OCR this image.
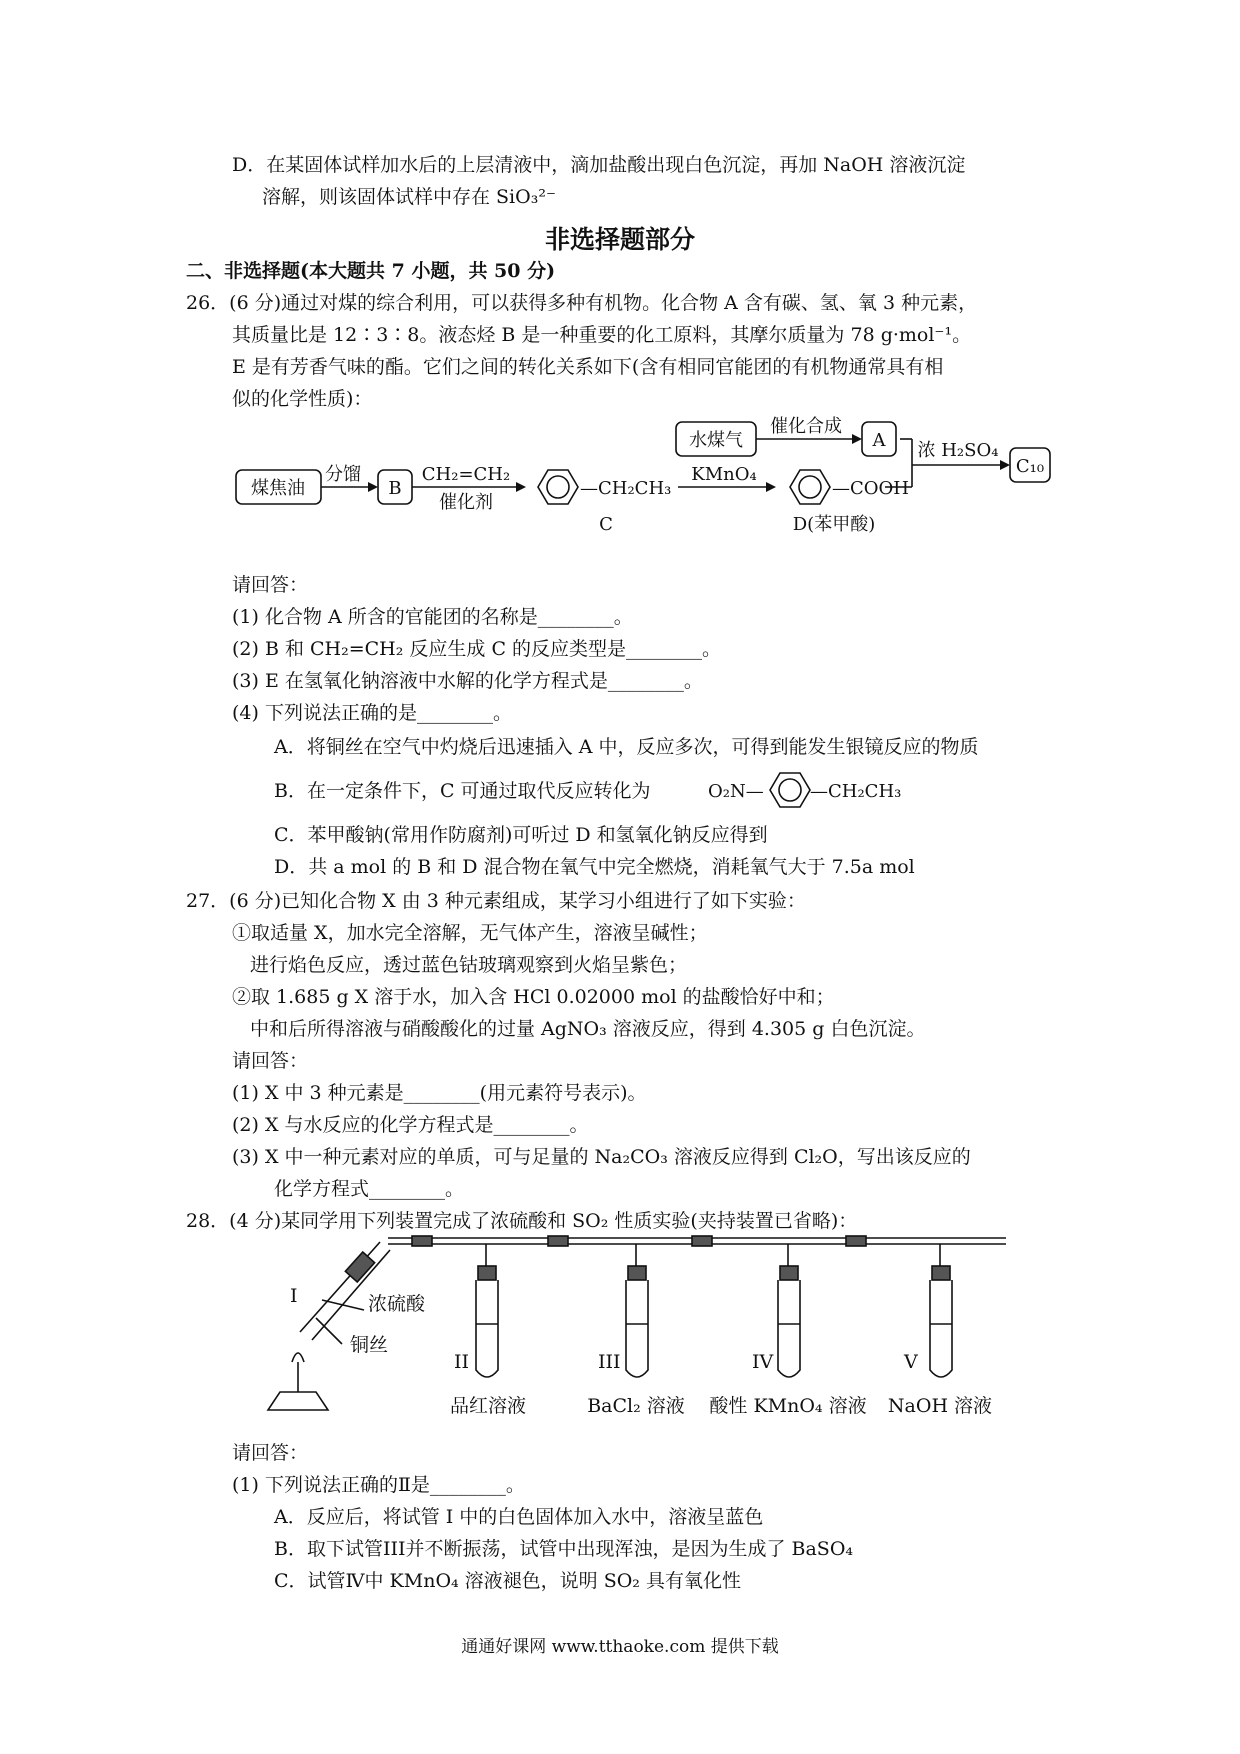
D．在某固体试样加水后的上层清液中，滴加盐酸出现白色沉淀，再加 NaOH 溶液沉淀
溶解，则该固体试样中存在 SiO₃²⁻
非选择题部分
二、非选择题(本大题共 7 小题，共 50 分)
26．(6 分)通过对煤的综合利用，可以获得多种有机物。化合物 A 含有碳、氢、氧 3 种元素，
其质量比是 12∶3∶8。液态烃 B 是一种重要的化工原料，其摩尔质量为 78 g·mol⁻¹。
E 是有芳香气味的酯。它们之间的转化关系如下(含有相同官能团的有机物通常具有相
似的化学性质)：
煤焦油
分馏
B
CH₂=CH₂
催化剂
—CH₂CH₃
C
KMnO₄
—COOH
D(苯甲酸)
水煤气
催化合成
A 浓 H₂SO₄
C₁₀
请回答：
(1) 化合物 A 所含的官能团的名称是________。
(2) B 和 CH₂=CH₂ 反应生成 C 的反应类型是________。
(3) E 在氢氧化钠溶液中水解的化学方程式是________。
(4) 下列说法正确的是________。
A．将铜丝在空气中灼烧后迅速插入 A 中，反应多次，可得到能发生银镜反应的物质
B．在一定条件下，C 可通过取代反应转化为	O₂N—	—CH₂CH₃
C．苯甲酸钠(常用作防腐剂)可听过 D 和氢氧化钠反应得到
D．共 a mol 的 B 和 D 混合物在氧气中完全燃烧，消耗氧气大于 7.5a mol
27．(6 分)已知化合物 X 由 3 种元素组成，某学习小组进行了如下实验：
①取适量 X，加水完全溶解，无气体产生，溶液呈碱性；
进行焰色反应，透过蓝色钴玻璃观察到火焰呈紫色；
②取 1.685 g X 溶于水，加入含 HCl 0.02000 mol 的盐酸恰好中和；
中和后所得溶液与硝酸酸化的过量 AgNO₃ 溶液反应，得到 4.305 g 白色沉淀。
请回答：
(1) X 中 3 种元素是________(用元素符号表示)。
(2) X 与水反应的化学方程式是________。
(3) X 中一种元素对应的单质，可与足量的 Na₂CO₃ 溶液反应得到 Cl₂O，写出该反应的
化学方程式________。
28．(4 分)某同学用下列装置完成了浓硫酸和 SO₂ 性质实验(夹持装置已省略)：
I	浓硫酸
铜丝
II	III	IV	V
品红溶液	BaCl₂ 溶液 酸性 KMnO₄ 溶液 NaOH 溶液
请回答：
(1) 下列说法正确的Ⅱ是________。
A．反应后，将试管 I 中的白色固体加入水中，溶液呈蓝色
B．取下试管III并不断振荡，试管中出现浑浊，是因为生成了 BaSO₄
C．试管Ⅳ中 KMnO₄ 溶液褪色，说明 SO₂ 具有氧化性
通通好课网 www.tthaoke.com 提供下载
